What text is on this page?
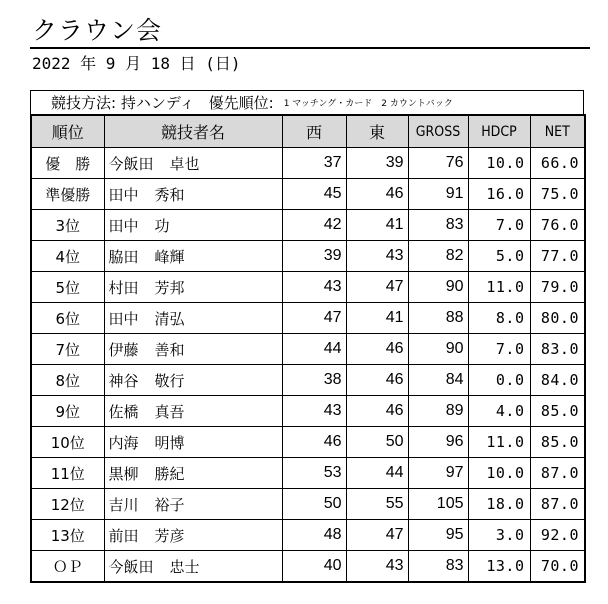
クラウン会
2022 年 9 月 18 日 (日)
競技方法: 持ハンディ 優先順位: 1 マッチング・カード　2 カウントバック
順位	競技者名	西	東	GROSS	HDCP	NET
優　勝	今飯田 卓也	37	39	76	10.0	66.0
準優勝	田中 秀和	45	46	91	16.0	75.0
3位	田中 功	42	41	83	7.0	76.0
4位	脇田 峰輝	39	43	82	5.0	77.0
5位	村田 芳邦	43	47	90	11.0	79.0
6位	田中 清弘	47	41	88	8.0	80.0
7位	伊藤 善和	44	46	90	7.0	83.0
8位	神谷 敬行	38	46	84	0.0	84.0
9位	佐橋 真吾	43	46	89	4.0	85.0
10位	内海 明博	46	50	96	11.0	85.0
11位	黒柳 勝紀	53	44	97	10.0	87.0
12位	吉川 裕子	50	55	105	18.0	87.0
13位	前田 芳彦	48	47	95	3.0	92.0
ＯＰ	今飯田 忠士	40	43	83	13.0	70.0
